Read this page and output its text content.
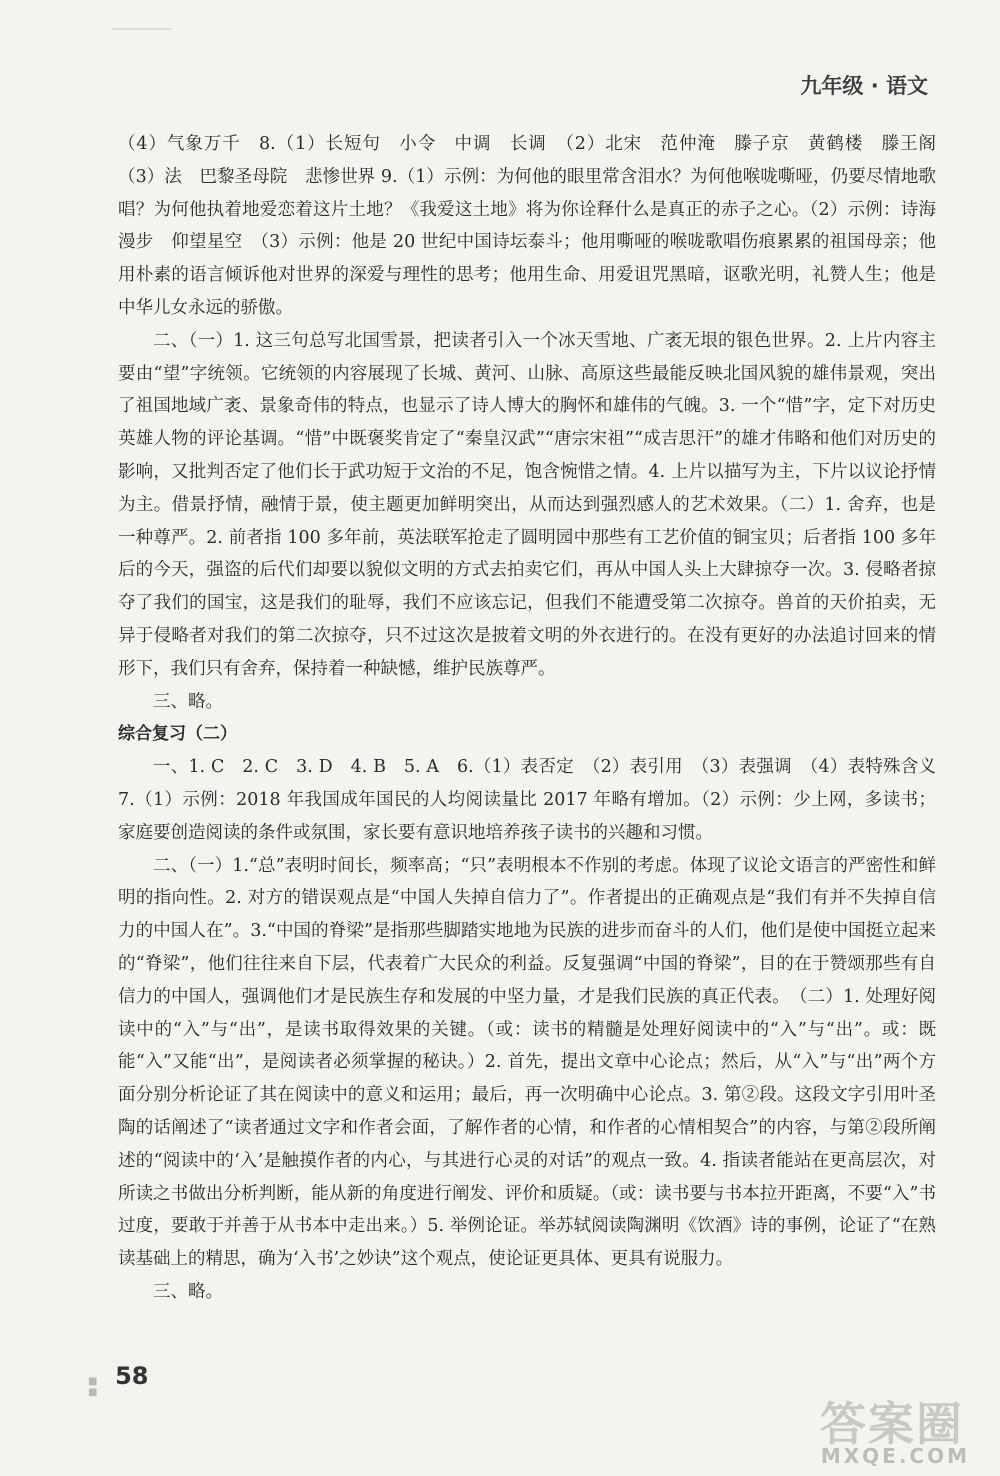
九年级 · 语文

（4）气象万千　8.（1）长短句　小令　中调　长调　（2）北宋　范仲淹　滕子京　黄鹤楼　滕王阁　（3）法　巴黎圣母院　悲惨世界 9.（1）示例：为何他的眼里常含泪水？为何他喉咙嘶哑，仍要尽情地歌唱？为何他执着地爱恋着这片土地？《我爱这土地》将为你诠释什么是真正的赤子之心。（2）示例：诗海漫步　仰望星空　（3）示例：他是 20 世纪中国诗坛泰斗；他用嘶哑的喉咙歌唱伤痕累累的祖国母亲；他用朴素的语言倾诉他对世界的深爱与理性的思考；他用生命、用爱诅咒黑暗，讴歌光明，礼赞人生；他是中华儿女永远的骄傲。

二、（一）1. 这三句总写北国雪景，把读者引入一个冰天雪地、广袤无垠的银色世界。2. 上片内容主要由“望”字统领。它统领的内容展现了长城、黄河、山脉、高原这些最能反映北国风貌的雄伟景观，突出了祖国地域广袤、景象奇伟的特点，也显示了诗人博大的胸怀和雄伟的气魄。3. 一个“惜”字，定下对历史英雄人物的评论基调。“惜”中既褒奖肯定了“秦皇汉武”“唐宗宋祖”“成吉思汗”的雄才伟略和他们对历史的影响，又批判否定了他们长于武功短于文治的不足，饱含惋惜之情。4. 上片以描写为主，下片以议论抒情为主。借景抒情，融情于景，使主题更加鲜明突出，从而达到强烈感人的艺术效果。（二）1. 舍弃，也是一种尊严。2. 前者指 100 多年前，英法联军抢走了圆明园中那些有工艺价值的铜宝贝；后者指 100 多年后的今天，强盗的后代们却要以貌似文明的方式去拍卖它们，再从中国人头上大肆掠夺一次。3. 侵略者掠夺了我们的国宝，这是我们的耻辱，我们不应该忘记，但我们不能遭受第二次掠夺。兽首的天价拍卖，无异于侵略者对我们的第二次掠夺，只不过这次是披着文明的外衣进行的。在没有更好的办法追讨回来的情形下，我们只有舍弃，保持着一种缺憾，维护民族尊严。

三、略。

综合复习（二）

一、1. C　2. C　3. D　4. B　5. A　6.（1）表否定　（2）表引用　（3）表强调　（4）表特殊含义　7.（1）示例：2018 年我国成年国民的人均阅读量比 2017 年略有增加。（2）示例：少上网，多读书；家庭要创造阅读的条件或氛围，家长要有意识地培养孩子读书的兴趣和习惯。

二、（一）1.“总”表明时间长，频率高；“只”表明根本不作别的考虑。体现了议论文语言的严密性和鲜明的指向性。2. 对方的错误观点是“中国人失掉自信力了”。作者提出的正确观点是“我们有并不失掉自信力的中国人在”。3.“中国的脊梁”是指那些脚踏实地地为民族的进步而奋斗的人们，他们是使中国挺立起来的“脊梁”，他们往往来自下层，代表着广大民众的利益。反复强调“中国的脊梁”，目的在于赞颂那些有自信力的中国人，强调他们才是民族生存和发展的中坚力量，才是我们民族的真正代表。　（二）1. 处理好阅读中的“入”与“出”，是读书取得效果的关键。（或：读书的精髓是处理好阅读中的“入”与“出”。或：既能“入”又能“出”，是阅读者必须掌握的秘诀。）2. 首先，提出文章中心论点；然后，从“入”与“出”两个方面分别分析论证了其在阅读中的意义和运用；最后，再一次明确中心论点。3. 第②段。这段文字引用叶圣陶的话阐述了“读者通过文字和作者会面，了解作者的心情，和作者的心情相契合”的内容，与第②段所阐述的“阅读中的‘入’是触摸作者的内心，与其进行心灵的对话”的观点一致。4. 指读者能站在更高层次，对所读之书做出分析判断，能从新的角度进行阐发、评价和质疑。（或：读书要与书本拉开距离，不要“入”书过度，要敢于并善于从书本中走出来。）5. 举例论证。举苏轼阅读陶渊明《饮酒》诗的事例，论证了“在熟读基础上的精思，确为‘入书’之妙诀”这个观点，使论证更具体、更具有说服力。

三、略。

■ ■ 58
答案圈
MXQE.COM
